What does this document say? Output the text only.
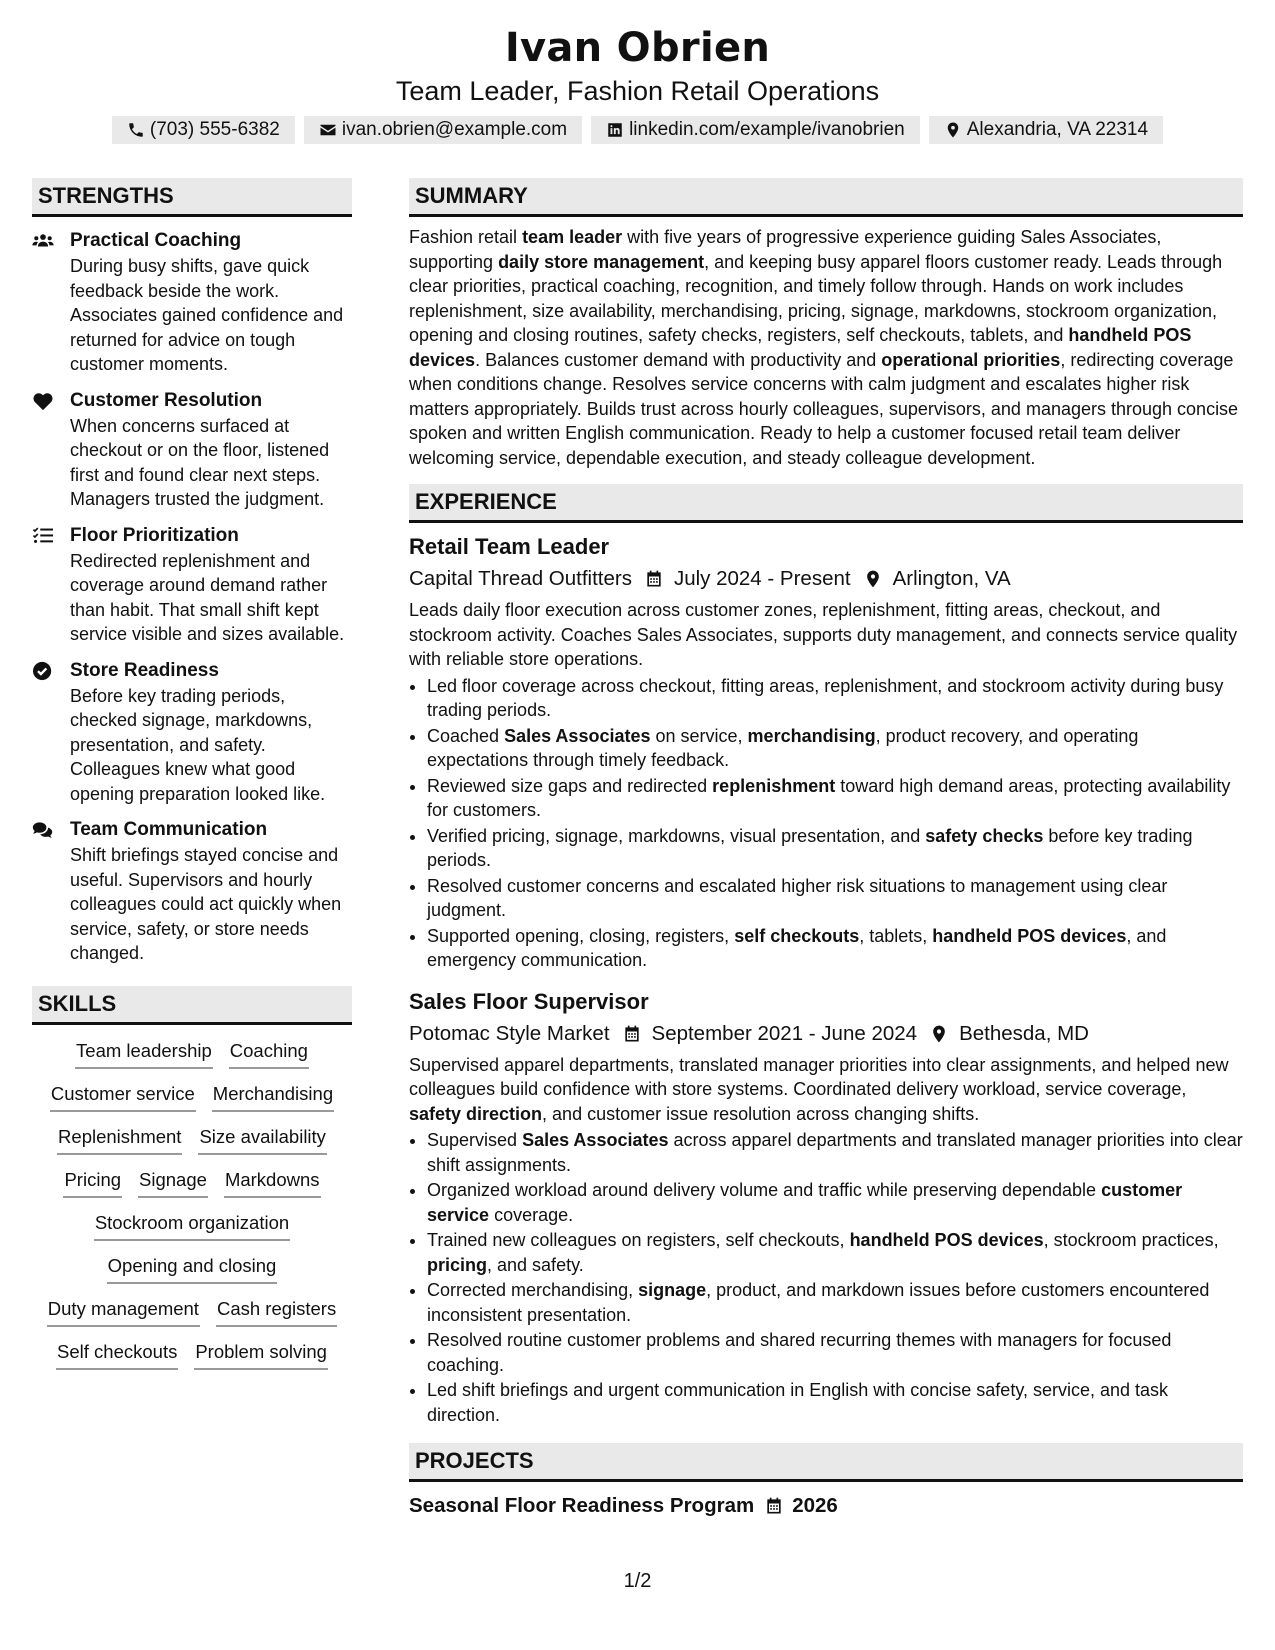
Ivan Obrien
Team Leader, Fashion Retail Operations
(703) 555-6382	ivan.obrien@example.com	linkedin.com/example/ivanobrien	Alexandria, VA 22314
STRENGTHS
Practical Coaching

During busy shifts, gave quick feedback beside the work. Associates gained confidence and returned for advice on tough customer moments.

Customer Resolution

When concerns surfaced at checkout or on the floor, listened first and found clear next steps. Managers trusted the judgment.

Floor Prioritization

Redirected replenishment and coverage around demand rather than habit. That small shift kept service visible and sizes available.

Store Readiness

Before key trading periods, checked signage, markdowns, presentation, and safety. Colleagues knew what good opening preparation looked like.

Team Communication

Shift briefings stayed concise and useful. Supervisors and hourly colleagues could act quickly when service, safety, or store needs changed.

SKILLS
Team leadership Coaching
Customer service Merchandising
Replenishment Size availability
Pricing Signage Markdowns
Stockroom organization
Opening and closing
Duty management Cash registers
Self checkouts Problem solving
SUMMARY
Fashion retail team leader with five years of progressive experience guiding Sales Associates, supporting daily store management, and keeping busy apparel floors customer ready. Leads through clear priorities, practical coaching, recognition, and timely follow through. Hands on work includes replenishment, size availability, merchandising, pricing, signage, markdowns, stockroom organization, opening and closing routines, safety checks, registers, self checkouts, tablets, and handheld POS devices. Balances customer demand with productivity and operational priorities, redirecting coverage when conditions change. Resolves service concerns with calm judgment and escalates higher risk matters appropriately. Builds trust across hourly colleagues, supervisors, and managers through concise spoken and written English communication. Ready to help a customer focused retail team deliver welcoming service, dependable execution, and steady colleague development.
EXPERIENCE
Retail Team Leader
Capital Thread Outfitters July 2024 - Present Arlington, VA
Leads daily floor execution across customer zones, replenishment, fitting areas, checkout, and stockroom activity. Coaches Sales Associates, supports duty management, and connects service quality with reliable store operations.
• Led floor coverage across checkout, fitting areas, replenishment, and stockroom activity during busy trading periods.
• Coached Sales Associates on service, merchandising, product recovery, and operating expectations through timely feedback.
• Reviewed size gaps and redirected replenishment toward high demand areas, protecting availability for customers.
• Verified pricing, signage, markdowns, visual presentation, and safety checks before key trading periods.
• Resolved customer concerns and escalated higher risk situations to management using clear judgment.
• Supported opening, closing, registers, self checkouts, tablets, handheld POS devices, and emergency communication.
Sales Floor Supervisor
Potomac Style Market September 2021 - June 2024 Bethesda, MD
Supervised apparel departments, translated manager priorities into clear assignments, and helped new colleagues build confidence with store systems. Coordinated delivery workload, service coverage, safety direction, and customer issue resolution across changing shifts.
• Supervised Sales Associates across apparel departments and translated manager priorities into clear shift assignments.
• Organized workload around delivery volume and traffic while preserving dependable customer service coverage.
• Trained new colleagues on registers, self checkouts, handheld POS devices, stockroom practices, pricing, and safety.
• Corrected merchandising, signage, product, and markdown issues before customers encountered inconsistent presentation.
• Resolved routine customer problems and shared recurring themes with managers for focused coaching.
• Led shift briefings and urgent communication in English with concise safety, service, and task direction.
PROJECTS
Seasonal Floor Readiness Program 2026
1/2
